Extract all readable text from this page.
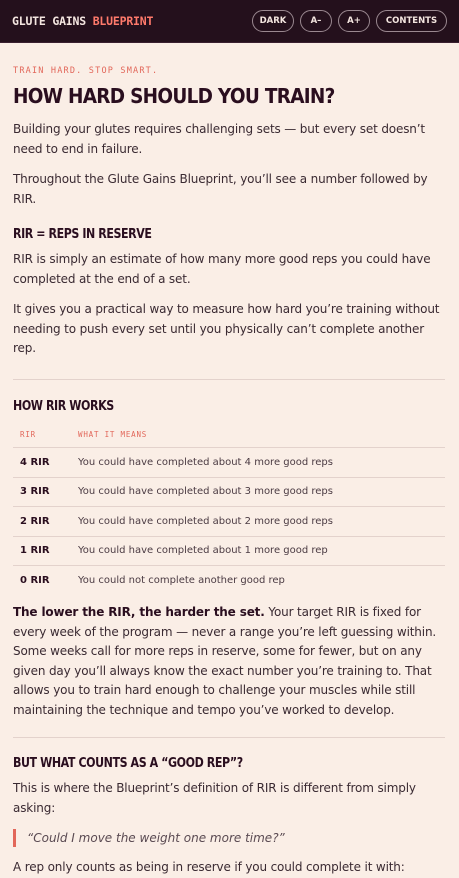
GLUTE GAINS BLUEPRINT	DARK	A–	A+	CONTENTS
TRAIN HARD. STOP SMART.
HOW HARD SHOULD YOU TRAIN?

Building your glutes requires challenging sets — but every set doesn’t need to end in failure.

Throughout the Glute Gains Blueprint, you’ll see a number followed by RIR.

RIR = REPS IN RESERVE

RIR is simply an estimate of how many more good reps you could have completed at the end of a set.

It gives you a practical way to measure how hard you’re training without needing to push every set until you physically can’t complete another rep.

HOW RIR WORKS
RIR	WHAT IT MEANS
4 RIR	You could have completed about 4 more good reps
3 RIR	You could have completed about 3 more good reps
2 RIR	You could have completed about 2 more good reps
1 RIR	You could have completed about 1 more good rep
0 RIR	You could not complete another good rep

The lower the RIR, the harder the set. Your target RIR is fixed for every week of the program — never a range you’re left guessing within. Some weeks call for more reps in reserve, some for fewer, but on any given day you’ll always know the exact number you’re training to. That allows you to train hard enough to challenge your muscles while still maintaining the technique and tempo you’ve worked to develop.

BUT WHAT COUNTS AS A “GOOD REP”?

This is where the Blueprint’s definition of RIR is different from simply asking:

“Could I move the weight one more time?”

A rep only counts as being in reserve if you could complete it with:
